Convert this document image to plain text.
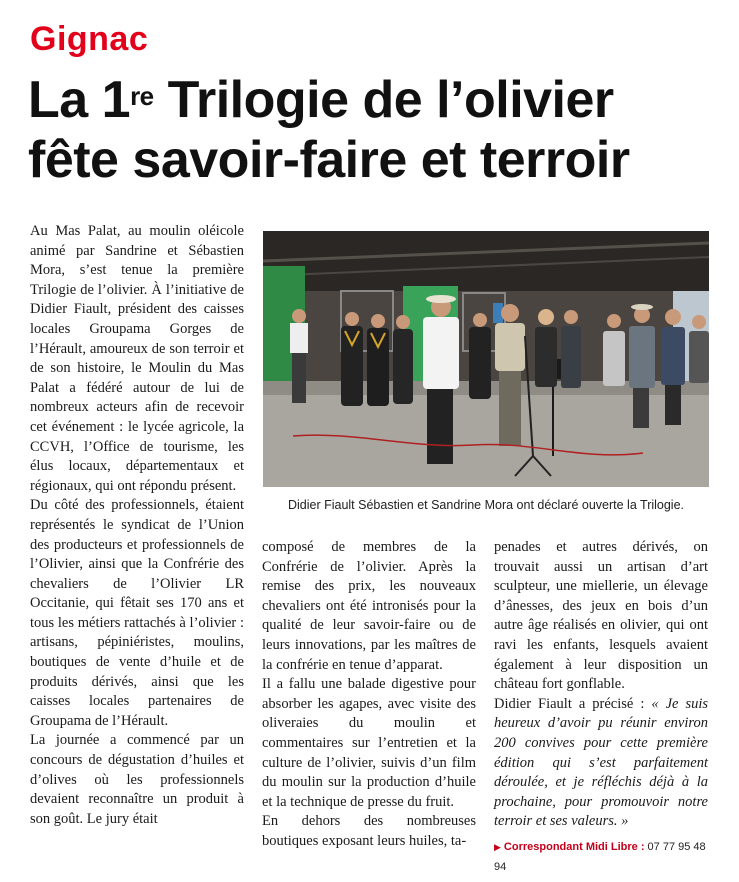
Gignac
La 1re Trilogie de l’olivier
fête savoir-faire et terroir

Au Mas Palat, au moulin oléicole animé par Sandrine et Sébastien Mora, s’est tenue la première Trilogie de l’olivier. À l’initiative de Didier Fiault, président des caisses locales Groupama Gorges de l’Hérault, amoureux de son terroir et de son histoire, le Moulin du Mas Palat a fédéré autour de lui de nombreux acteurs afin de recevoir cet événement : le lycée agricole, la CCVH, l’Office de tourisme, les élus locaux, départementaux et régionaux, qui ont répondu présent.

Du côté des professionnels, étaient représentés le syndicat de l’Union des producteurs et professionnels de l’Olivier, ainsi que la Confrérie des chevaliers de l’Olivier LR Occitanie, qui fêtait ses 170 ans et tous les métiers rattachés à l’olivier : artisans, pépiniéristes, moulins, boutiques de vente d’huile et de produits dérivés, ainsi que les caisses locales partenaires de Groupama de l’Hérault.

La journée a commencé par un concours de dégustation d’huiles et d’olives où les professionnels devaient reconnaître un produit à son goût. Le jury était

Didier Fiault Sébastien et Sandrine Mora ont déclaré ouverte la Trilogie.

composé de membres de la Confrérie de l’olivier. Après la remise des prix, les nouveaux chevaliers ont été intronisés pour la qualité de leur savoir-faire ou de leurs innovations, par les maîtres de la confrérie en tenue d’apparat.

Il a fallu une balade digestive pour absorber les agapes, avec visite des oliveraies du moulin et commentaires sur l’entretien et la culture de l’olivier, suivis d’un film du moulin sur la production d’huile et la technique de presse du fruit.

En dehors des nombreuses boutiques exposant leurs huiles, ta-

penades et autres dérivés, on trouvait aussi un artisan d’art sculpteur, une miellerie, un élevage d’ânesses, des jeux en bois d’un autre âge réalisés en olivier, qui ont ravi les enfants, lesquels avaient également à leur disposition un château fort gonflable.

Didier Fiault a précisé : « Je suis heureux d’avoir pu réunir environ 200 convives pour cette première édition qui s’est parfaitement déroulée, et je réfléchis déjà à la prochaine, pour promouvoir notre terroir et ses valeurs. »

▶ Correspondant Midi Libre : 07 77 95 48 94
